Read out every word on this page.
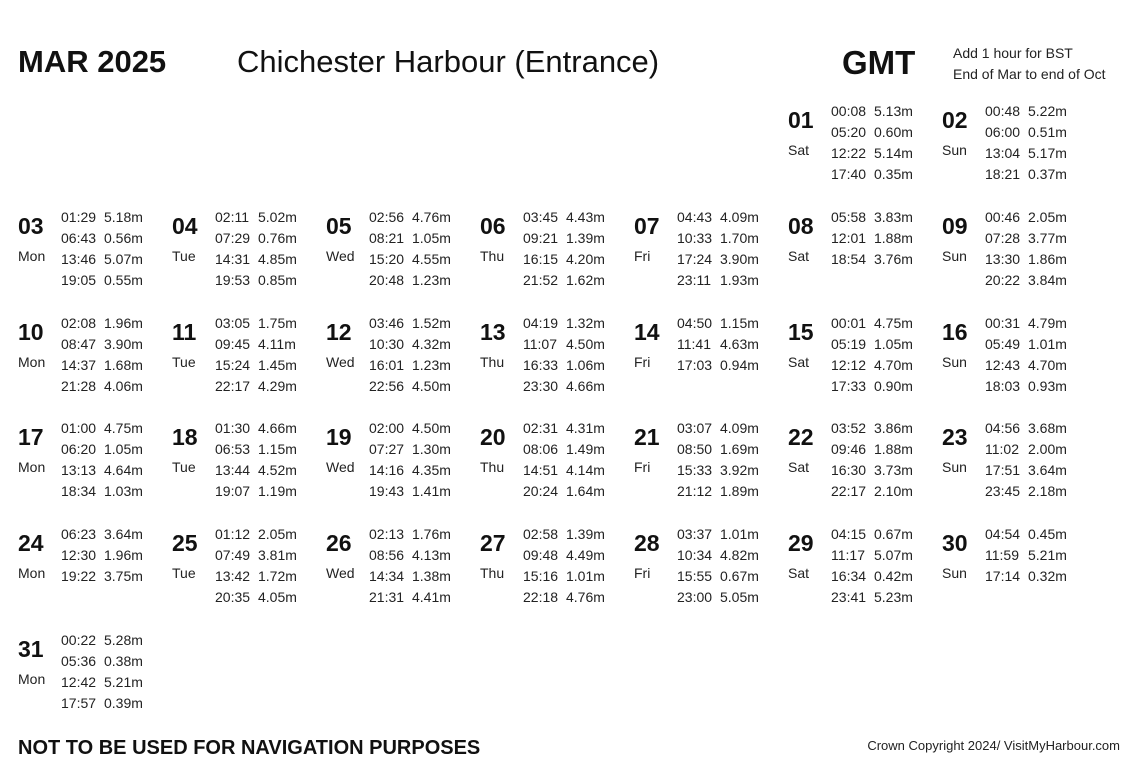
MAR 2025 Chichester Harbour (Entrance)	GMT	Add 1 hour for BST
End of Mar to end of Oct
01
Sat
00:08 5.13m
05:20 0.60m
12:22 5.14m
17:40 0.35m
02
Sun
00:48 5.22m
06:00 0.51m
13:04 5.17m
18:21 0.37m
03
Mon
01:29 5.18m
06:43 0.56m
13:46 5.07m
19:05 0.55m
04
Tue
02:11 5.02m
07:29 0.76m
14:31 4.85m
19:53 0.85m
05
Wed
02:56 4.76m
08:21 1.05m
15:20 4.55m
20:48 1.23m
06
Thu
03:45 4.43m
09:21 1.39m
16:15 4.20m
21:52 1.62m
07
Fri
04:43 4.09m
10:33 1.70m
17:24 3.90m
23:11 1.93m
08
Sat
05:58 3.83m
12:01 1.88m
18:54 3.76m
09
Sun
00:46 2.05m
07:28 3.77m
13:30 1.86m
20:22 3.84m
10
Mon
02:08 1.96m
08:47 3.90m
14:37 1.68m
21:28 4.06m
11
Tue
03:05 1.75m
09:45 4.11m
15:24 1.45m
22:17 4.29m
12
Wed
03:46 1.52m
10:30 4.32m
16:01 1.23m
22:56 4.50m
13
Thu
04:19 1.32m
11:07 4.50m
16:33 1.06m
23:30 4.66m
14
Fri
04:50 1.15m
11:41 4.63m
17:03 0.94m
15
Sat
00:01 4.75m
05:19 1.05m
12:12 4.70m
17:33 0.90m
16
Sun
00:31 4.79m
05:49 1.01m
12:43 4.70m
18:03 0.93m
17
Mon
01:00 4.75m
06:20 1.05m
13:13 4.64m
18:34 1.03m
18
Tue
01:30 4.66m
06:53 1.15m
13:44 4.52m
19:07 1.19m
19
Wed
02:00 4.50m
07:27 1.30m
14:16 4.35m
19:43 1.41m
20
Thu
02:31 4.31m
08:06 1.49m
14:51 4.14m
20:24 1.64m
21
Fri
03:07 4.09m
08:50 1.69m
15:33 3.92m
21:12 1.89m
22
Sat
03:52 3.86m
09:46 1.88m
16:30 3.73m
22:17 2.10m
23
Sun
04:56 3.68m
11:02 2.00m
17:51 3.64m
23:45 2.18m
24
Mon
06:23 3.64m
12:30 1.96m
19:22 3.75m
25
Tue
01:12 2.05m
07:49 3.81m
13:42 1.72m
20:35 4.05m
26
Wed
02:13 1.76m
08:56 4.13m
14:34 1.38m
21:31 4.41m
27
Thu
02:58 1.39m
09:48 4.49m
15:16 1.01m
22:18 4.76m
28
Fri
03:37 1.01m
10:34 4.82m
15:55 0.67m
23:00 5.05m
29
Sat
04:15 0.67m
11:17 5.07m
16:34 0.42m
23:41 5.23m
30
Sun
04:54 0.45m
11:59 5.21m
17:14 0.32m
31
Mon
00:22 5.28m
05:36 0.38m
12:42 5.21m
17:57 0.39m
NOT TO BE USED FOR NAVIGATION PURPOSES	Crown Copyright 2024/ VisitMyHarbour.com
